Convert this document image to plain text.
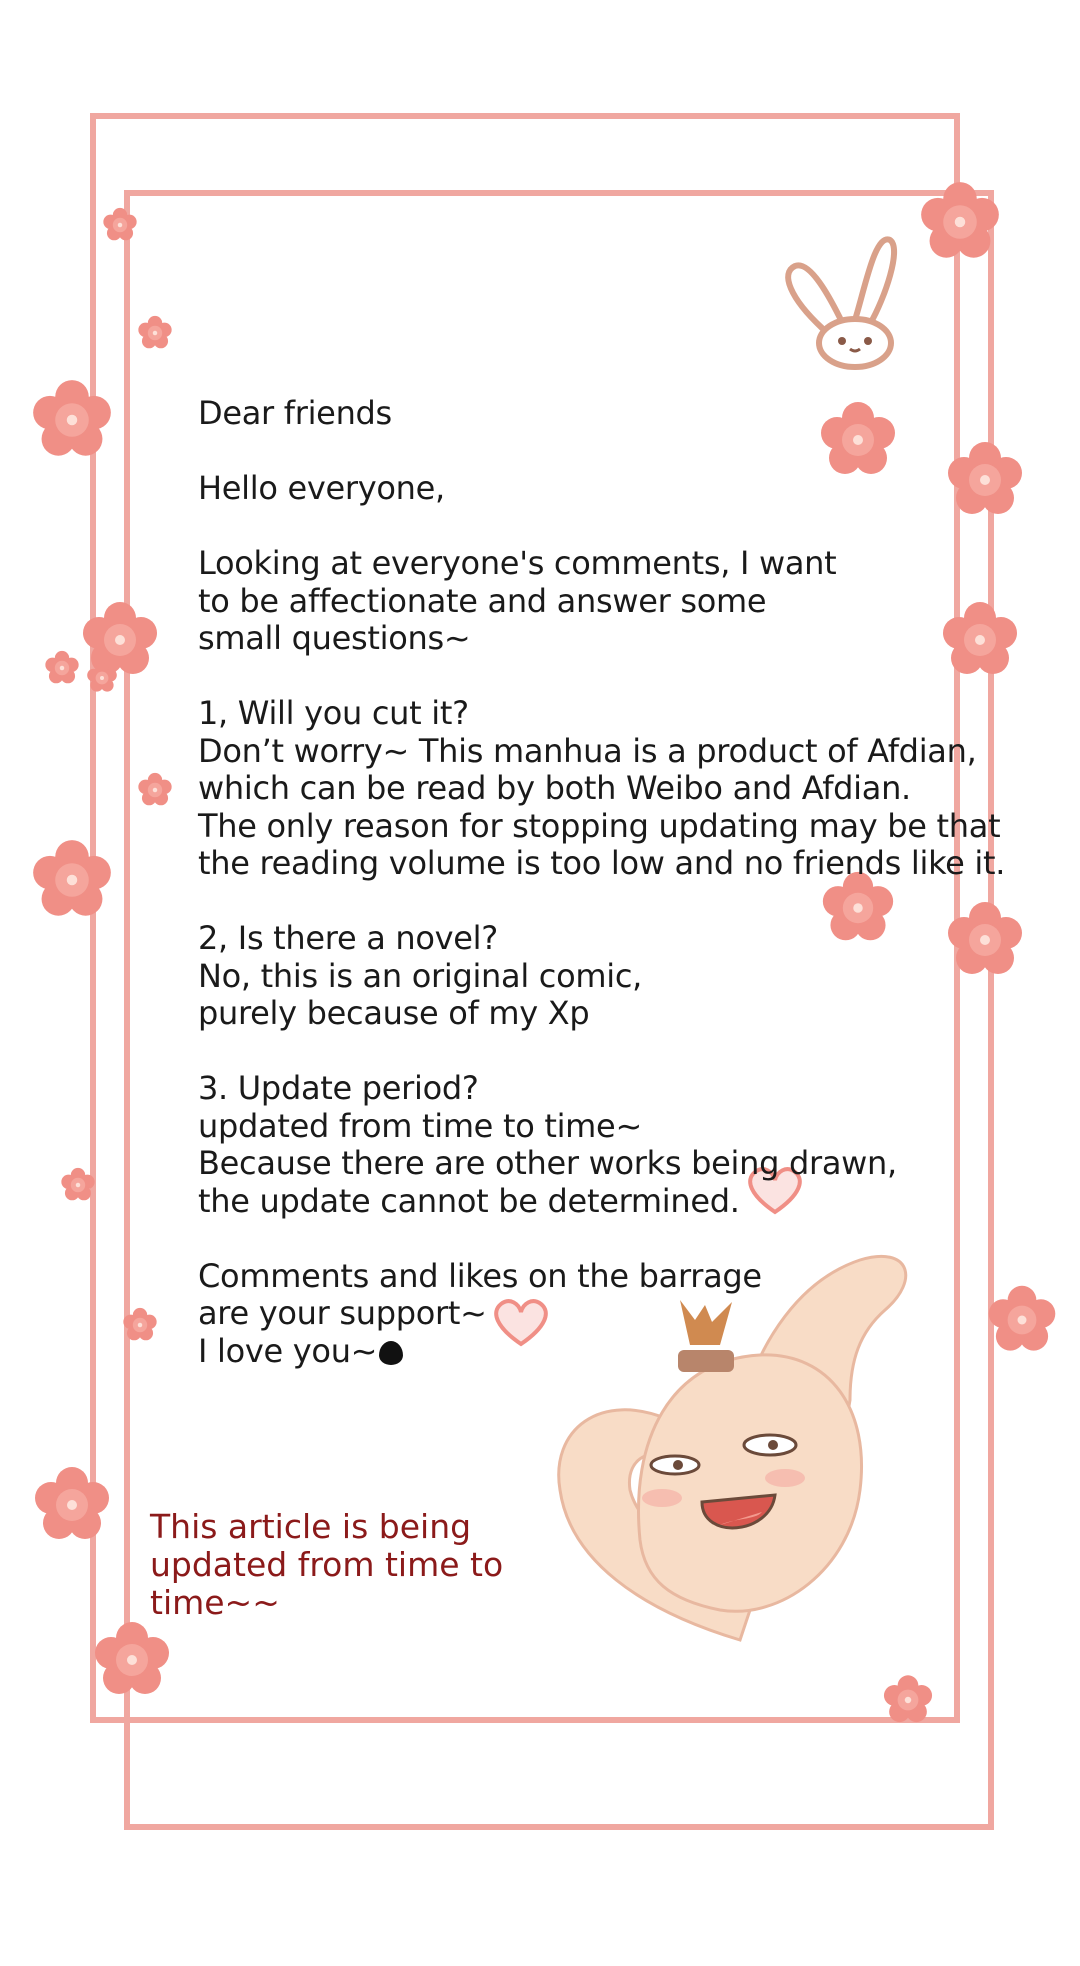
Dear friends
Hello everyone,
Looking at everyone's comments, I want
to be affectionate and answer some
small questions~
1, Will you cut it?
Don’t worry~ This manhua is a product of Afdian,
which can be read by both Weibo and Afdian.
The only reason for stopping updating may be that
the reading volume is too low and no friends like it.
2, Is there a novel?
No, this is an original comic,
purely because of my Xp
3. Update period?
updated from time to time~
Because there are other works being drawn,
the update cannot be determined.
Comments and likes on the barrage
are your support~
I love you~
This article is being
updated from time to
time~~
